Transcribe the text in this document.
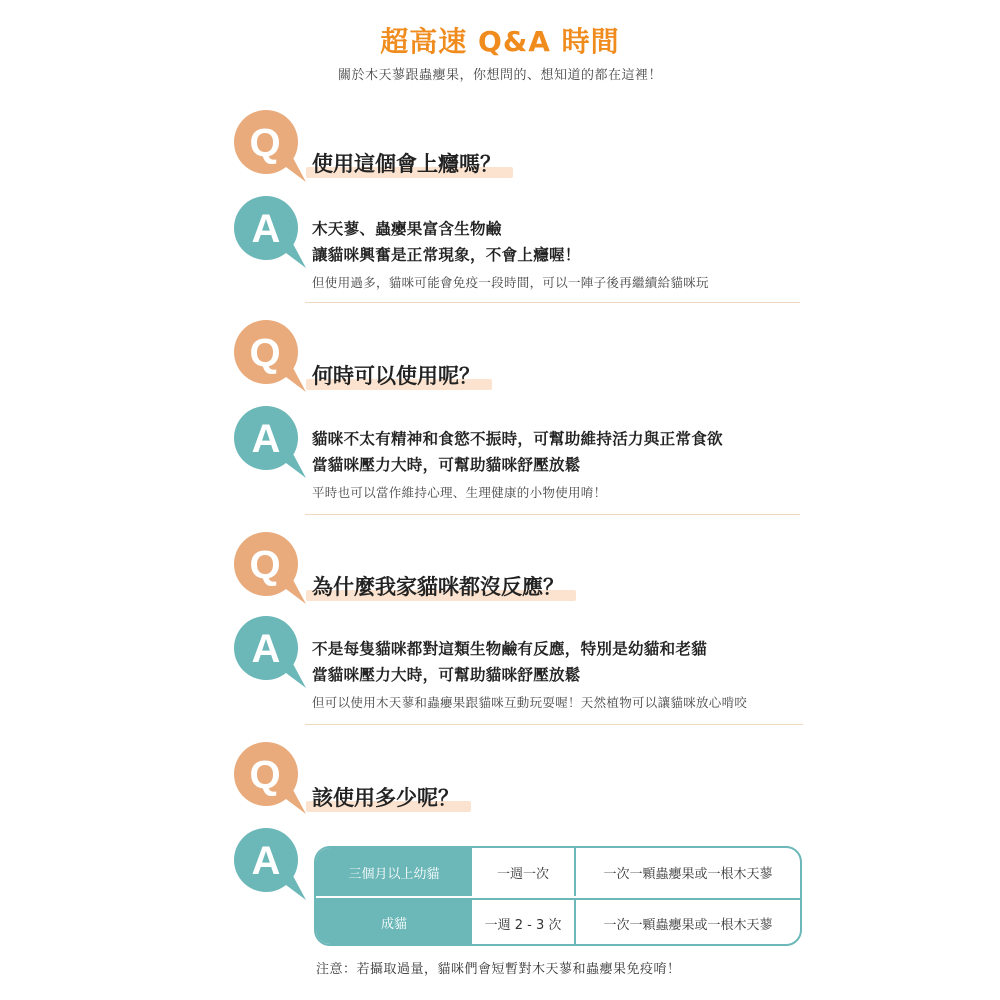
超高速 Q&A 時間
關於木天蓼跟蟲癭果，你想問的、想知道的都在這裡！
Q 使用這個會上癮嗎？
A 木天蓼、蟲癭果富含生物鹼
讓貓咪興奮是正常現象，不會上癮喔！
但使用過多，貓咪可能會免疫一段時間，可以一陣子後再繼續給貓咪玩
Q
何時可以使用呢？
A 貓咪不太有精神和食慾不振時，可幫助維持活力與正常食欲
當貓咪壓力大時，可幫助貓咪舒壓放鬆
平時也可以當作維持心理、生理健康的小物使用唷！
Q 為什麼我家貓咪都沒反應？
A 不是每隻貓咪都對這類生物鹼有反應，特別是幼貓和老貓
當貓咪壓力大時，可幫助貓咪舒壓放鬆
但可以使用木天蓼和蟲癭果跟貓咪互動玩耍喔！天然植物可以讓貓咪放心啃咬
Q
該使用多少呢？
A	三個月以上幼貓	一週一次	一次一顆蟲癭果或一根木天蓼
成貓	一週 2 - 3 次	一次一顆蟲癭果或一根木天蓼
注意：若攝取過量，貓咪們會短暫對木天蓼和蟲癭果免疫唷！
